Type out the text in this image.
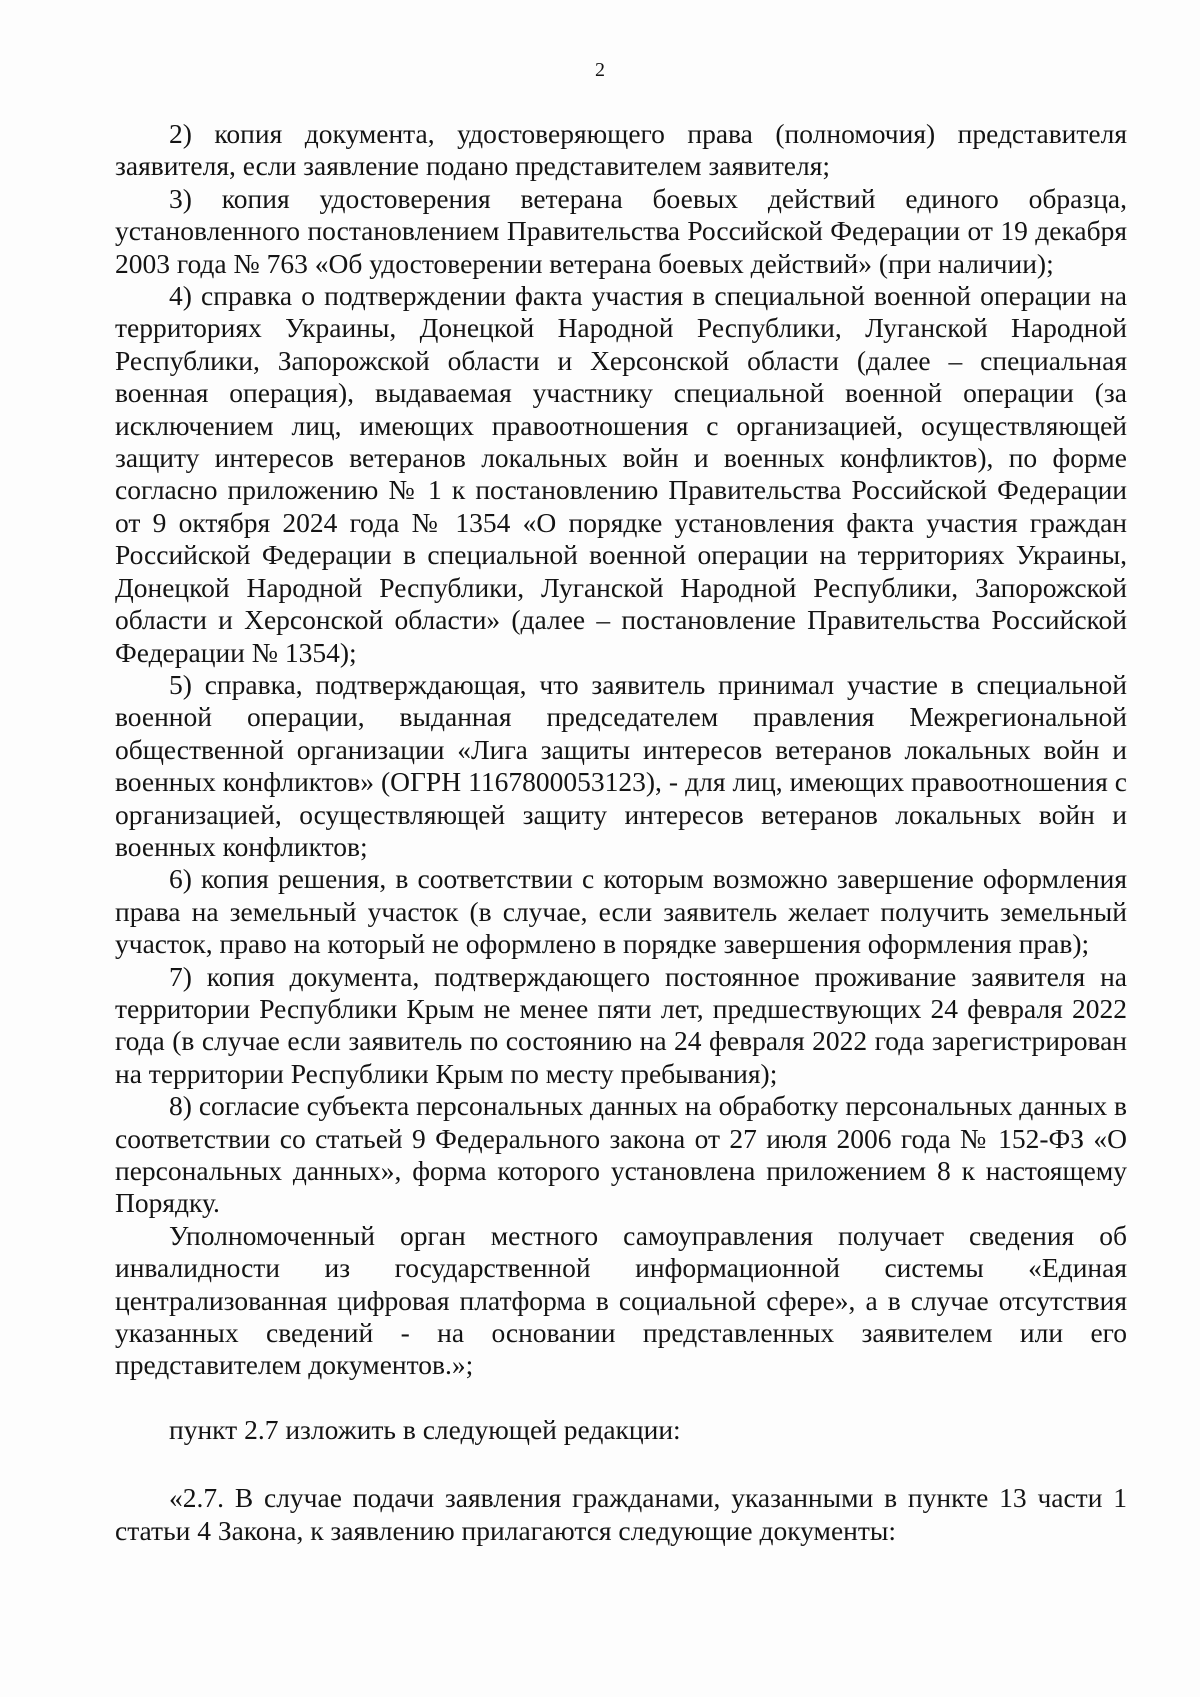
2

2) копия документа, удостоверяющего права (полномочия) представителя заявителя, если заявление подано представителем заявителя;

3) копия удостоверения ветерана боевых действий единого образца, установленного постановлением Правительства Российской Федерации от 19 декабря 2003 года № 763 «Об удостоверении ветерана боевых действий» (при наличии);

4) справка о подтверждении факта участия в специальной военной операции на территориях Украины, Донецкой Народной Республики, Луганской Народной Республики, Запорожской области и Херсонской области (далее – специальная военная операция), выдаваемая участнику специальной военной операции (за исключением лиц, имеющих правоотношения с организацией, осуществляющей защиту интересов ветеранов локальных войн и военных конфликтов), по форме согласно приложению № 1 к постановлению Правительства Российской Федерации от 9 октября 2024 года № 1354 «О порядке установления факта участия граждан Российской Федерации в специальной военной операции на территориях Украины, Донецкой Народной Республики, Луганской Народной Республики, Запорожской области и Херсонской области» (далее – постановление Правительства Российской Федерации № 1354);

5) справка, подтверждающая, что заявитель принимал участие в специальной военной операции, выданная председателем правления Межрегиональной общественной организации «Лига защиты интересов ветеранов локальных войн и военных конфликтов» (ОГРН 1167800053123), - для лиц, имеющих правоотношения с организацией, осуществляющей защиту интересов ветеранов локальных войн и военных конфликтов;

6) копия решения, в соответствии с которым возможно завершение оформления права на земельный участок (в случае, если заявитель желает получить земельный участок, право на который не оформлено в порядке завершения оформления прав);

7) копия документа, подтверждающего постоянное проживание заявителя на территории Республики Крым не менее пяти лет, предшествующих 24 февраля 2022 года (в случае если заявитель по состоянию на 24 февраля 2022 года зарегистрирован на территории Республики Крым по месту пребывания);

8) согласие субъекта персональных данных на обработку персональных данных в соответствии со статьей 9 Федерального закона от 27 июля 2006 года № 152-ФЗ «О персональных данных», форма которого установлена приложением 8 к настоящему Порядку.

Уполномоченный орган местного самоуправления получает сведения об инвалидности из государственной информационной системы «Единая централизованная цифровая платформа в социальной сфере», а в случае отсутствия указанных сведений - на основании представленных заявителем или его представителем документов.»;

пункт 2.7 изложить в следующей редакции:

«2.7. В случае подачи заявления гражданами, указанными в пункте 13 части 1 статьи 4 Закона, к заявлению прилагаются следующие документы:
